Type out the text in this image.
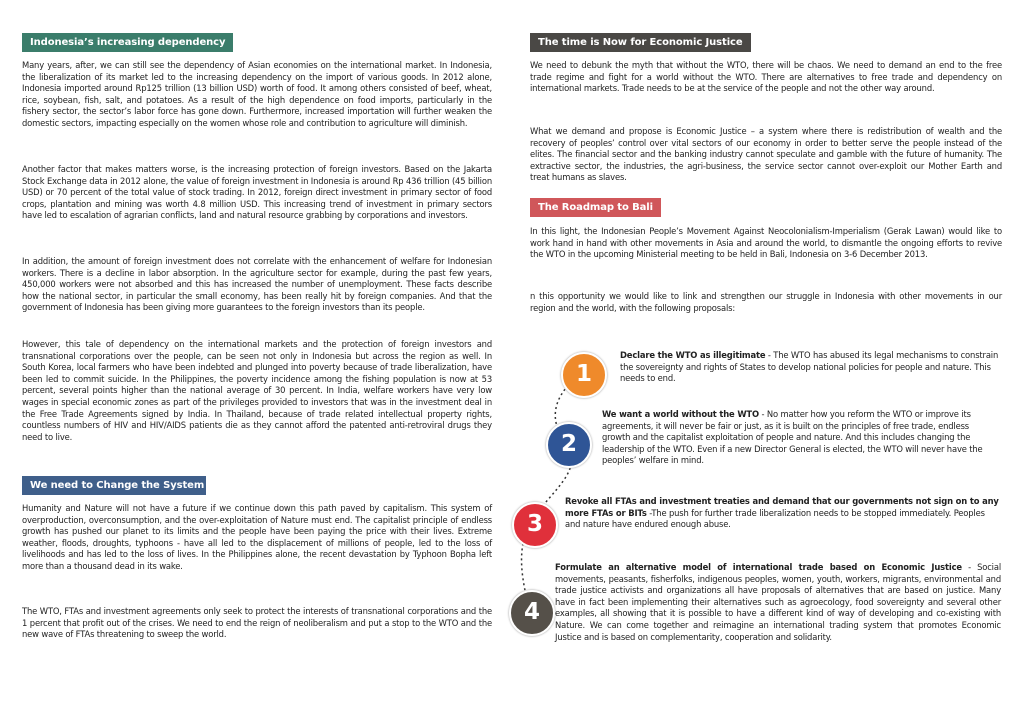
Indonesia’s increasing dependency

Many years, after, we can still see the dependency of Asian economies on the international market. In Indonesia, the liberalization of its market led to the increasing dependency on the import of various goods. In 2012 alone, Indonesia imported around Rp125 trillion (13 billion USD) worth of food. It among others consisted of beef, wheat, rice, soybean, fish, salt, and potatoes. As a result of the high dependence on food imports, particularly in the fishery sector, the sector’s labor force has gone down. Furthermore, increased importation will further weaken the domestic sectors, impacting especially on the women whose role and contribution to agriculture will diminish.

Another factor that makes matters worse, is the increasing protection of foreign investors. Based on the Jakarta Stock Exchange data in 2012 alone, the value of foreign investment in Indonesia is around Rp 436 trillion (45 billion USD) or 70 percent of the total value of stock trading. In 2012, foreign direct investment in primary sector of food crops, plantation and mining was worth 4.8 million USD. This increasing trend of investment in primary sectors have led to escalation of agrarian conflicts, land and natural resource grabbing by corporations and investors.

In addition, the amount of foreign investment does not correlate with the enhancement of welfare for Indonesian workers. There is a decline in labor absorption. In the agriculture sector for example, during the past few years, 450,000 workers were not absorbed and this has increased the number of unemployment. These facts describe how the national sector, in particular the small economy, has been really hit by foreign companies. And that the government of Indonesia has been giving more guarantees to the foreign investors than its people.

However, this tale of dependency on the international markets and the protection of foreign investors and transnational corporations over the people, can be seen not only in Indonesia but across the region as well. In South Korea, local farmers who have been indebted and plunged into poverty because of trade liberalization, have been led to commit suicide. In the Philippines, the poverty incidence among the fishing population is now at 53 percent, several points higher than the national average of 30 percent. In India, welfare workers have very low wages in special economic zones as part of the privileges provided to investors that was in the investment deal in the Free Trade Agreements signed by India. In Thailand, because of trade related intellectual property rights, countless numbers of HIV and HIV/AIDS patients die as they cannot afford the patented anti-retroviral drugs they need to live.

We need to Change the System

Humanity and Nature will not have a future if we continue down this path paved by capitalism. This system of overproduction, overconsumption, and the over-exploitation of Nature must end. The capitalist principle of endless growth has pushed our planet to its limits and the people have been paying the price with their lives. Extreme weather, floods, droughts, typhoons - have all led to the displacement of millions of people, led to the loss of livelihoods and has led to the loss of lives. In the Philippines alone, the recent devastation by Typhoon Bopha left more than a thousand dead in its wake.

The WTO, FTAs and investment agreements only seek to protect the interests of transnational corporations and the 1 percent that profit out of the crises. We need to end the reign of neoliberalism and put a stop to the WTO and the new wave of FTAs threatening to sweep the world.

The time is Now for Economic Justice

We need to debunk the myth that without the WTO, there will be chaos. We need to demand an end to the free trade regime and fight for a world without the WTO. There are alternatives to free trade and dependency on international markets. Trade needs to be at the service of the people and not the other way around.

What we demand and propose is Economic Justice – a system where there is redistribution of wealth and the recovery of peoples’ control over vital sectors of our economy in order to better serve the people instead of the elites. The financial sector and the banking industry cannot speculate and gamble with the future of humanity. The extractive sector, the industries, the agri-business, the service sector cannot over-exploit our Mother Earth and treat humans as slaves.

The Roadmap to Bali

In this light, the Indonesian People’s Movement Against Neocolonialism-Imperialism (Gerak Lawan) would like to work hand in hand with other movements in Asia and around the world, to dismantle the ongoing efforts to revive the WTO in the upcoming Ministerial meeting to be held in Bali, Indonesia on 3-6 December 2013.

n this opportunity we would like to link and strengthen our struggle in Indonesia with other movements in our region and the world, with the following proposals:

1
Declare the WTO as illegitimate - The WTO has abused its legal mechanisms to constrain the sovereignty and rights of States to develop national policies for people and nature. This needs to end.
2
We want a world without the WTO - No matter how you reform the WTO or improve its agreements, it will never be fair or just, as it is built on the principles of free trade, endless growth and the capitalist exploitation of people and nature. And this includes changing the leadership of the WTO. Even if a new Director General is elected, the WTO will never have the peoples’ welfare in mind.
3
Revoke all FTAs and investment treaties and demand that our governments not sign on to any more FTAs or BITs -The push for further trade liberalization needs to be stopped immediately. Peoples and nature have endured enough abuse.
4
Formulate an alternative model of international trade based on Economic Justice - Social movements, peasants, fisherfolks, indigenous peoples, women, youth, workers, migrants, environmental and trade justice activists and organizations all have proposals of alternatives that are based on justice. Many have in fact been implementing their alternatives such as agroecology, food sovereignty and several other examples, all showing that it is possible to have a different kind of way of developing and co-existing with Nature. We can come together and reimagine an international trading system that promotes Economic Justice and is based on complementarity, cooperation and solidarity.
